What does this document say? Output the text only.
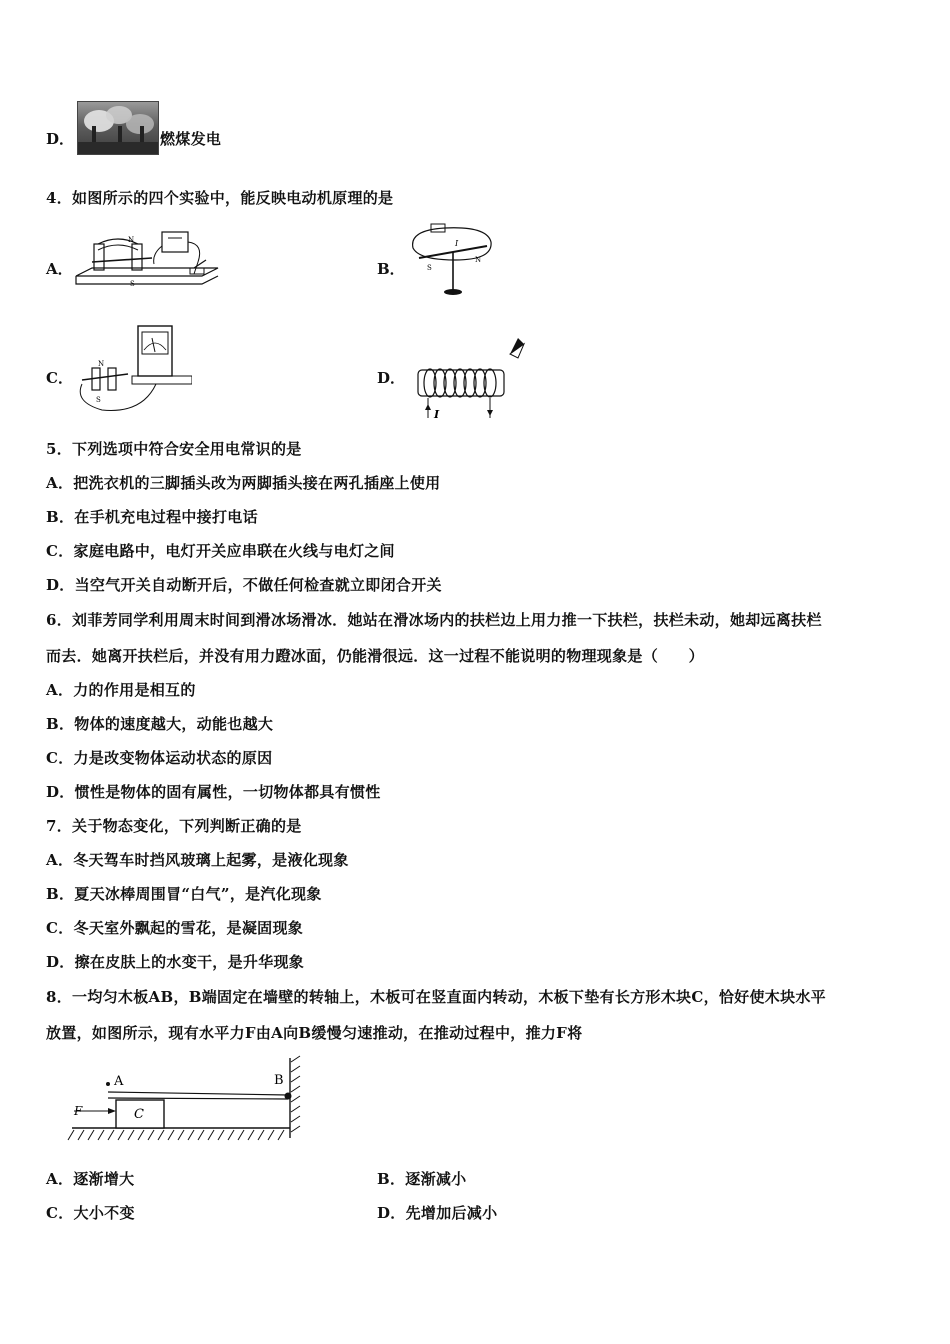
D．	燃煤发电
4．如图所示的四个实验中，能反映电动机原理的是
A．
N
S
B．
I
S
N
C．
N
S
D．
I
5．下列选项中符合安全用电常识的是
A．把洗衣机的三脚插头改为两脚插头接在两孔插座上使用
B．在手机充电过程中接打电话
C．家庭电路中，电灯开关应串联在火线与电灯之间
D．当空气开关自动断开后，不做任何检查就立即闭合开关
6．刘菲芳同学利用周末时间到滑冰场滑冰．她站在滑冰场内的扶栏边上用力推一下扶栏，扶栏未动，她却远离扶栏
而去．她离开扶栏后，并没有用力蹬冰面，仍能滑很远．这一过程不能说明的物理现象是（　　）
A．力的作用是相互的
B．物体的速度越大，动能也越大
C．力是改变物体运动状态的原因
D．惯性是物体的固有属性，一切物体都具有惯性
7．关于物态变化，下列判断正确的是
A．冬天驾车时挡风玻璃上起雾，是液化现象
B．夏天冰棒周围冒“白气”，是汽化现象
C．冬天室外飘起的雪花，是凝固现象
D．擦在皮肤上的水变干，是升华现象
8．一均匀木板AB，B端固定在墙壁的转轴上，木板可在竖直面内转动，木板下垫有长方形木块C，恰好使木块水平
放置，如图所示，现有水平力F由A向B缓慢匀速推动，在推动过程中，推力F将
A	B
C
F
A．逐渐增大	B．逐渐减小
C．大小不变	D．先增加后减小
